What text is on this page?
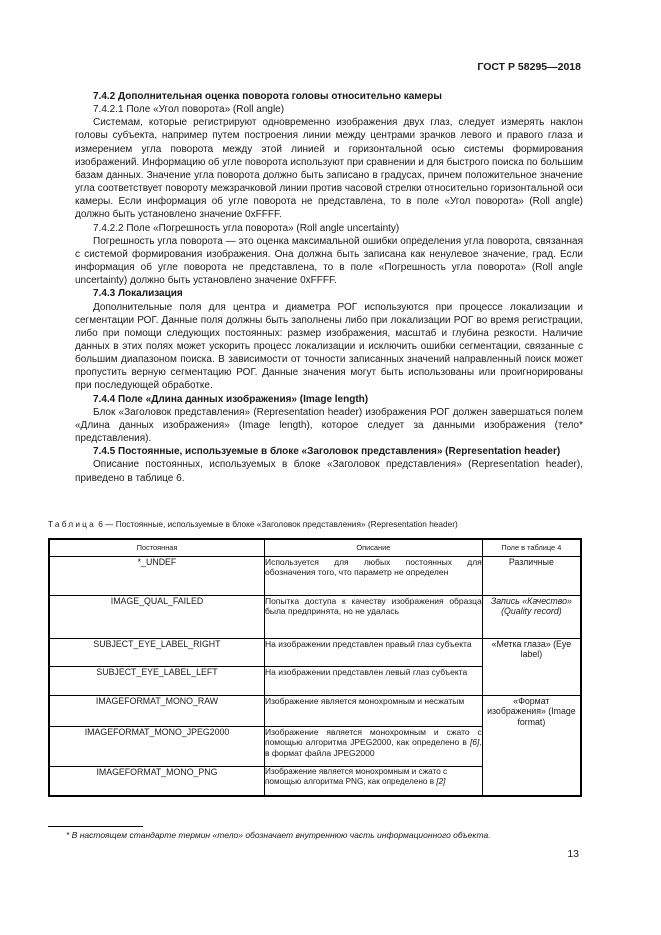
ГОСТ Р 58295—2018

7.4.2 Дополнительная оценка поворота головы относительно камеры

7.4.2.1 Поле «Угол поворота» (Roll angle)

Системам, которые регистрируют одновременно изображения двух глаз, следует измерять наклон головы субъекта, например путем построения линии между центрами зрачков левого и правого глаза и измерением угла поворота между этой линией и горизонтальной осью системы формирования изображений. Информацию об угле поворота используют при сравнении и для быстрого поиска по большим базам данных. Значение угла поворота должно быть записано в градусах, причем положительное значение угла соответствует повороту межзрачковой линии против часовой стрелки относительно горизонтальной оси камеры. Если информация об угле поворота не представлена, то в поле «Угол поворота» (Roll angle) должно быть установлено значение 0xFFFF.

7.4.2.2 Поле «Погрешность угла поворота» (Roll angle uncertainty)

Погрешность угла поворота — это оценка максимальной ошибки определения угла поворота, связанная с системой формирования изображения. Она должна быть записана как ненулевое значение, град. Если информация об угле поворота не представлена, то в поле «Погрешность угла поворота» (Roll angle uncertainty) должно быть установлено значение 0xFFFF.

7.4.3 Локализация

Дополнительные поля для центра и диаметра РОГ используются при процессе локализации и сегментации РОГ. Данные поля должны быть заполнены либо при локализации РОГ во время регистрации, либо при помощи следующих постоянных: размер изображения, масштаб и глубина резкости. Наличие данных в этих полях может ускорить процесс локализации и исключить ошибки сегментации, связанные с большим диапазоном поиска. В зависимости от точности записанных значений направленный поиск может пропустить верную сегментацию РОГ. Данные значения могут быть использованы или проигнорированы при последующей обработке.

7.4.4 Поле «Длина данных изображения» (Image length)

Блок «Заголовок представления» (Representation header) изображения РОГ должен завершаться полем «Длина данных изображения» (Image length), которое следует за данными изображения (тело* представления).

7.4.5 Постоянные, используемые в блоке «Заголовок представления» (Representation header)

Описание постоянных, используемых в блоке «Заголовок представления» (Representation header), приведено в таблице 6.

Таблица 6 — Постоянные, используемые в блоке «Заголовок представления» (Representation header)
Постоянная	Описание	Поле в таблице 4
*_UNDEF	Используется для любых постоянных для обозначения того, что параметр не определен	Различные
IMAGE_QUAL_FAILED	Попытка доступа к качеству изображения образца была предпринята, но не удалась	Запись «Качество» (Quality record)
SUBJECT_EYE_LABEL_RIGHT	На изображении представлен правый глаз субъекта	«Метка глаза» (Eye label)
SUBJECT_EYE_LABEL_LEFT	На изображении представлен левый глаз субъекта	
IMAGEFORMAT_MONO_RAW	Изображение является монохромным и несжатым	«Формат изображения» (Image format)
IMAGEFORMAT_MONO_JPEG2000	Изображение является монохромным и сжато с помощью алгоритма JPEG2000, как определено в [6], в формат файла JPEG2000	
IMAGEFORMAT_MONO_PNG	Изображение является монохромным и сжато с помощью алгоритма PNG, как определено в [2]	
* В настоящем стандарте термин «тело» обозначает внутреннюю часть информационного объекта.
13
